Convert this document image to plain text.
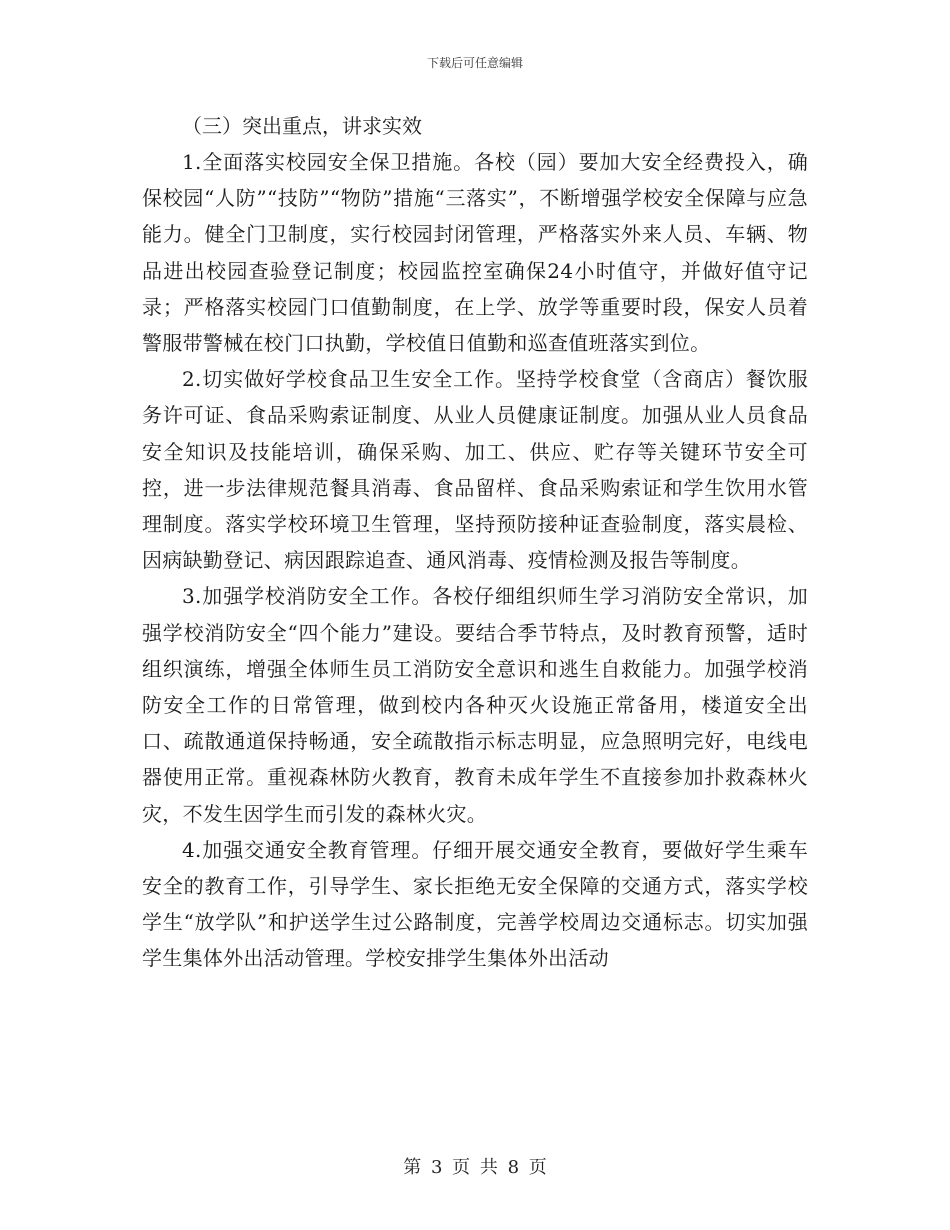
下载后可任意编辑

（三）突出重点，讲求实效

1.全面落实校园安全保卫措施。各校（园）要加大安全经费投入，确保校园“人防”“技防”“物防”措施“三落实”，不断增强学校安全保障与应急能力。健全门卫制度，实行校园封闭管理，严格落实外来人员、车辆、物品进出校园查验登记制度；校园监控室确保24小时值守，并做好值守记录；严格落实校园门口值勤制度，在上学、放学等重要时段，保安人员着警服带警械在校门口执勤，学校值日值勤和巡查值班落实到位。

2.切实做好学校食品卫生安全工作。坚持学校食堂（含商店）餐饮服务许可证、食品采购索证制度、从业人员健康证制度。加强从业人员食品安全知识及技能培训，确保采购、加工、供应、贮存等关键环节安全可控，进一步法律规范餐具消毒、食品留样、食品采购索证和学生饮用水管理制度。落实学校环境卫生管理，坚持预防接种证查验制度，落实晨检、因病缺勤登记、病因跟踪追查、通风消毒、疫情检测及报告等制度。

3.加强学校消防安全工作。各校仔细组织师生学习消防安全常识，加强学校消防安全“四个能力”建设。要结合季节特点，及时教育预警，适时组织演练，增强全体师生员工消防安全意识和逃生自救能力。加强学校消防安全工作的日常管理，做到校内各种灭火设施正常备用，楼道安全出口、疏散通道保持畅通，安全疏散指示标志明显，应急照明完好，电线电器使用正常。重视森林防火教育，教育未成年学生不直接参加扑救森林火灾，不发生因学生而引发的森林火灾。

4.加强交通安全教育管理。仔细开展交通安全教育，要做好学生乘车安全的教育工作，引导学生、家长拒绝无安全保障的交通方式，落实学校学生“放学队”和护送学生过公路制度，完善学校周边交通标志。切实加强学生集体外出活动管理。学校安排学生集体外出活动

第 3 页 共 8 页
